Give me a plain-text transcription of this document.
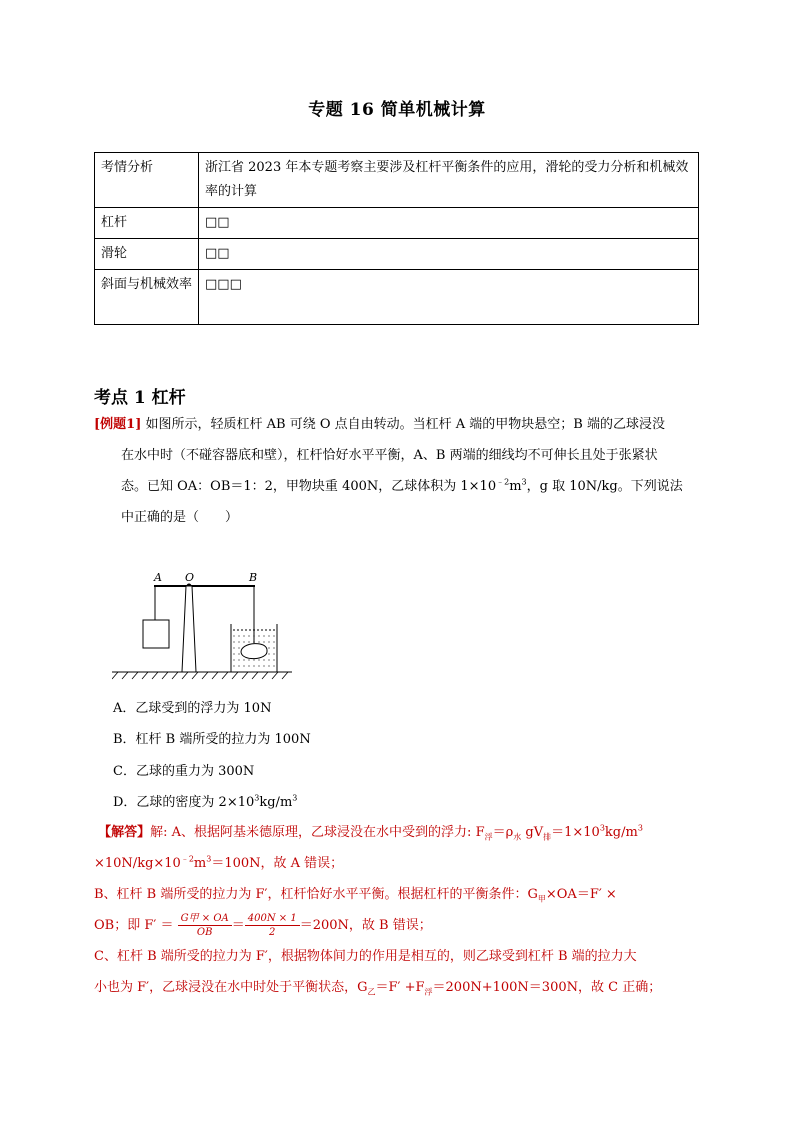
专题 16 简单机械计算
考情分析	浙江省 2023 年本专题考察主要涉及杠杆平衡条件的应用，滑轮的受力分析和机械效率的计算
杠杆	□□
滑轮	□□
斜面与机械效率	□□□
考点 1 杠杆
[例题1] 如图所示，轻质杠杆 AB 可绕 O 点自由转动。当杠杆 A 端的甲物块悬空；B 端的乙球浸没
在水中时（不碰容器底和壁），杠杆恰好水平平衡，A、B 两端的细线均不可伸长且处于张紧状
态。已知 OA：OB＝1：2，甲物块重 400N，乙球体积为 $1\times 10^{﹣2}m^3$，g 取 10N/kg。下列说法
中正确的是（　　）
A O	B
A．乙球受到的浮力为 10N
B．杠杆 B 端所受的拉力为 100N
C．乙球的重力为 300N
D．乙球的密度为 $2\times 10^3kg/m^3$
【解答】解: A、根据阿基米德原理，乙球浸没在水中受到的浮力: $F_浮=\rho_水$ $gV_排=1\times 10^3kg/m^3$
$\times 10N/kg\times 10^{﹣2}m^3=100N$，故 A 错误；
B、杠杆 B 端所受的拉力为 F′，杠杆恰好水平平衡。根据杠杆的平衡条件：$G_甲\times OA=F'$ ×
OB；即 $F' = \frac{\text{G甲 × OA}}{OB} = \frac{400N \times 1}{2} =200N$，故 B 错误；
C、杠杆 B 端所受的拉力为 F′，根据物体间力的作用是相互的，则乙球受到杠杆 B 端的拉力大
小也为 F′，乙球浸没在水中时处于平衡状态，$G_乙=F' +F_浮=200N+100N=300N$，故 C 正确；
